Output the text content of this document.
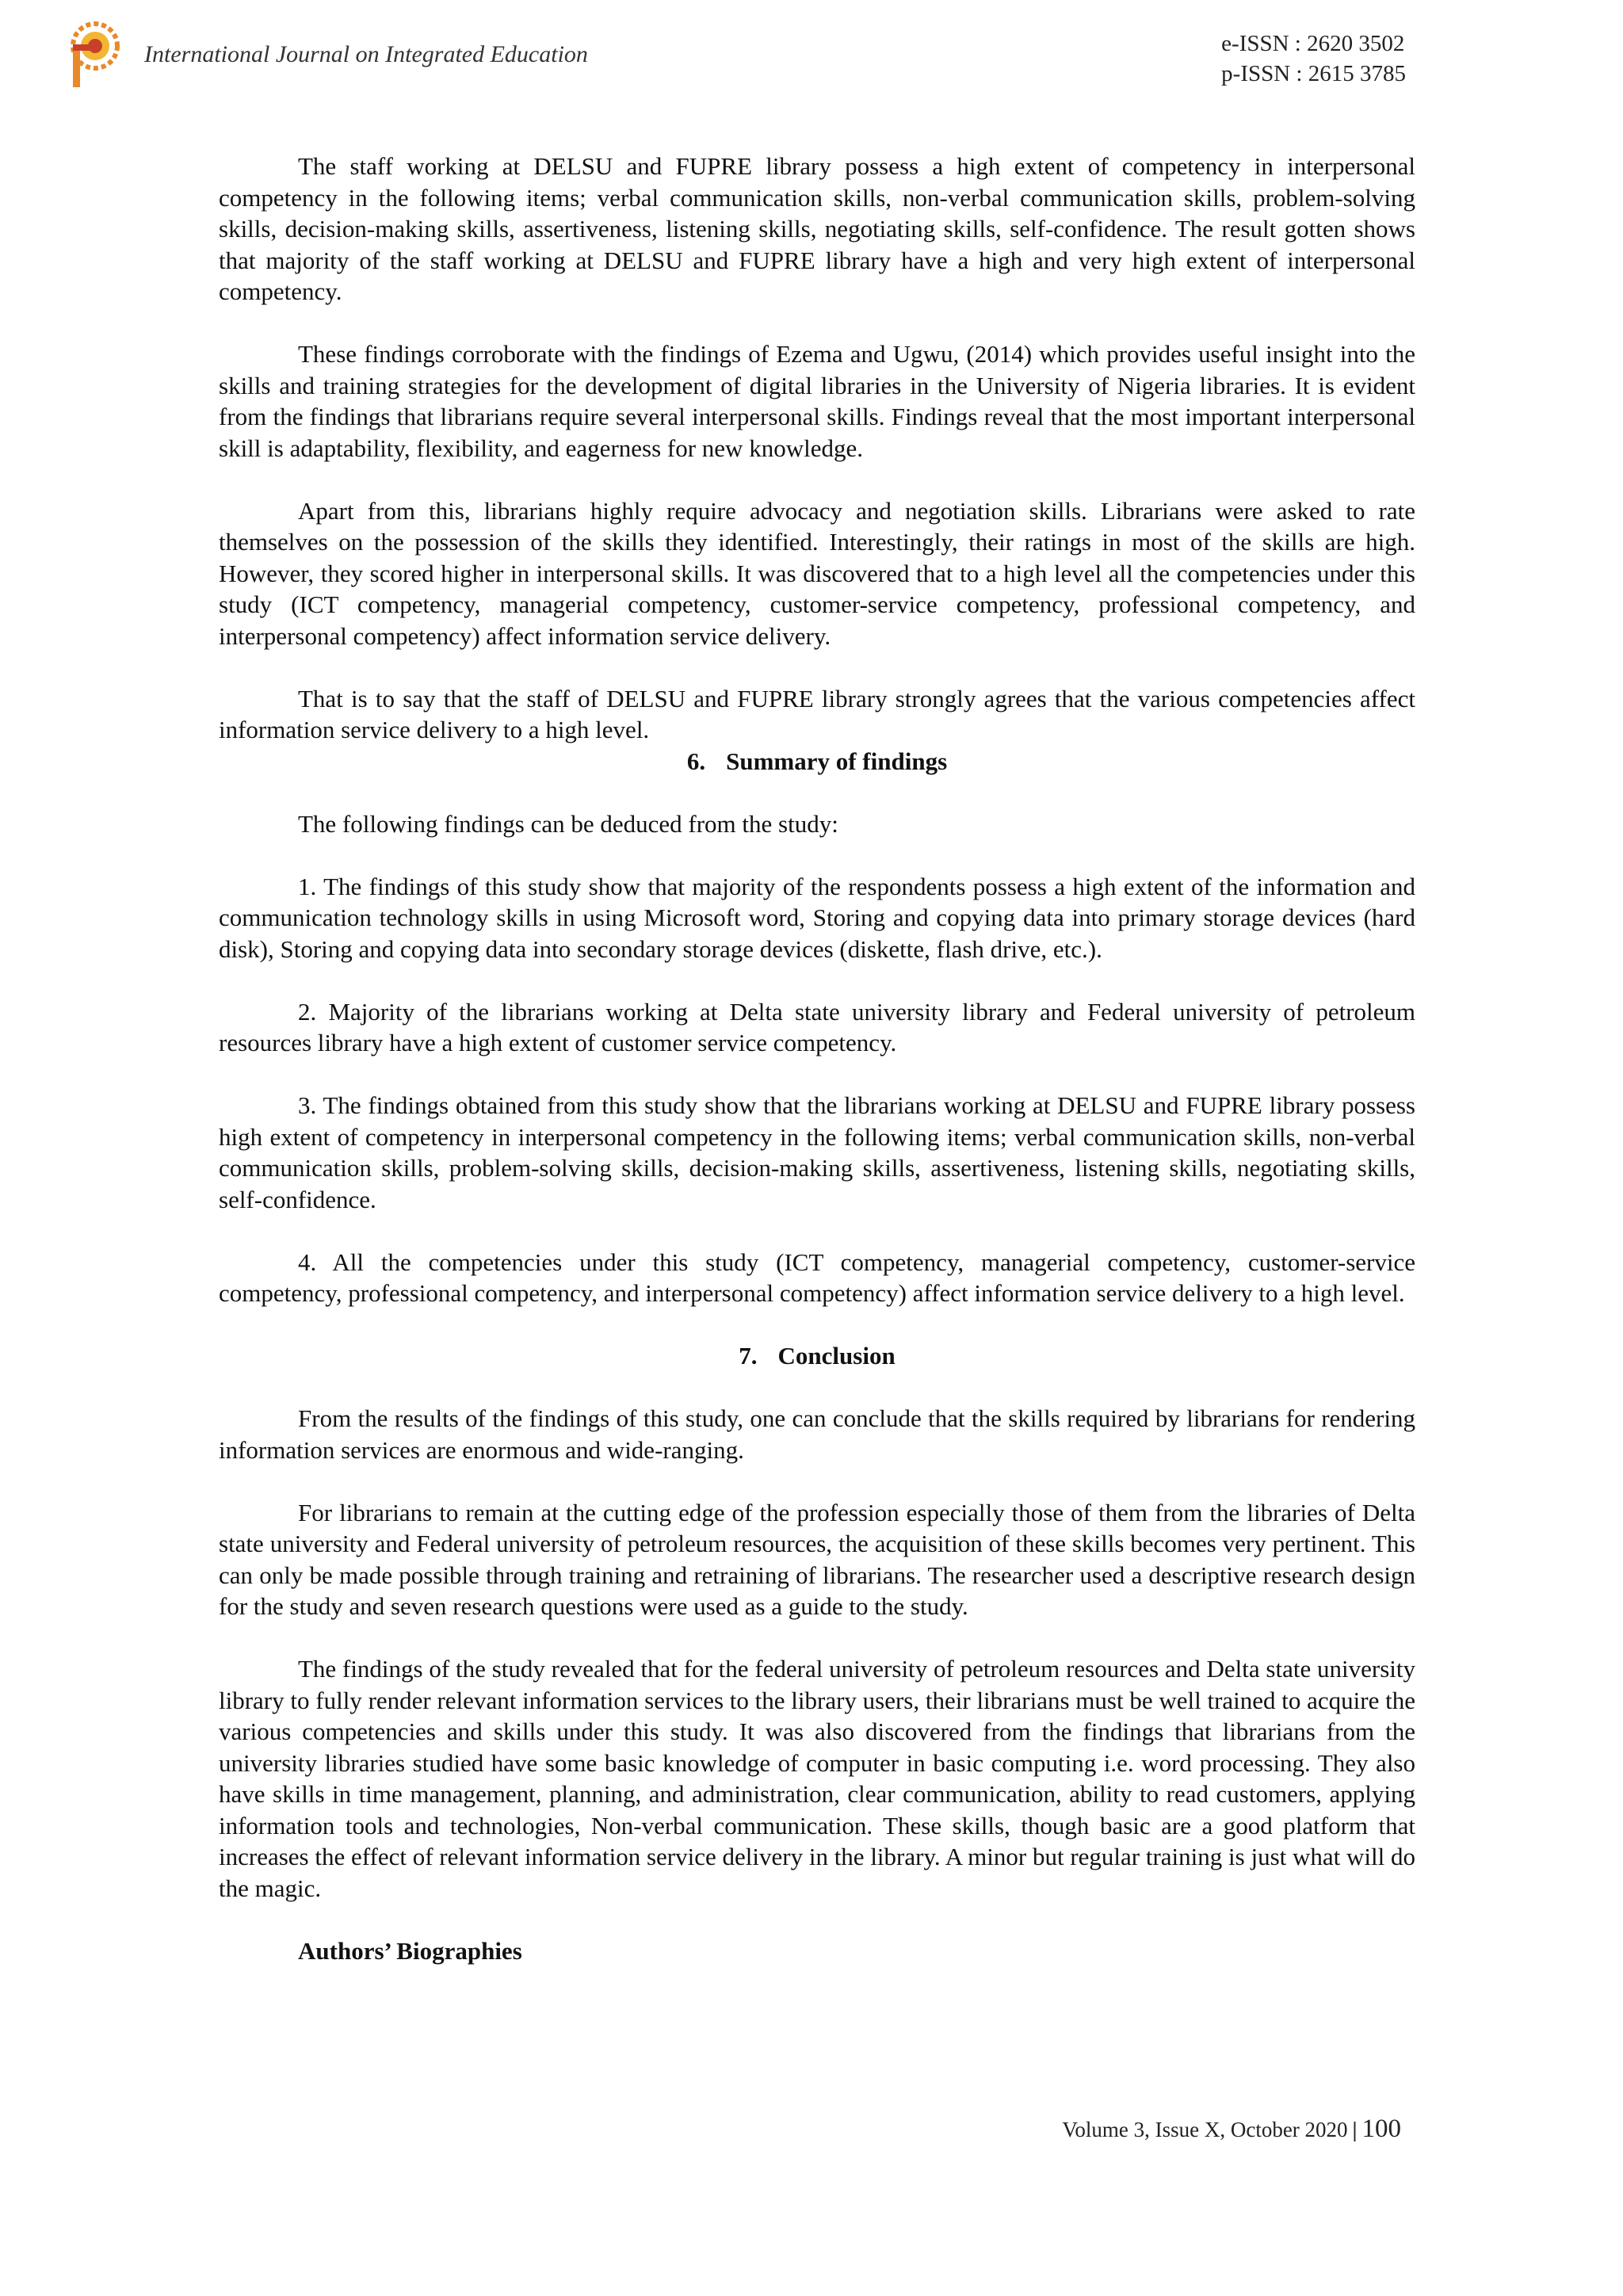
International Journal on Integrated Education	e-ISSN : 2620 3502
p-ISSN : 2615 3785

The staff working at DELSU and FUPRE library possess a high extent of competency in interpersonal competency in the following items; verbal communication skills, non-verbal communication skills, problem-solving skills, decision-making skills, assertiveness, listening skills, negotiating skills, self-confidence. The result gotten shows that majority of the staff working at DELSU and FUPRE library have a high and very high extent of interpersonal competency.

These findings corroborate with the findings of Ezema and Ugwu, (2014) which provides useful insight into the skills and training strategies for the development of digital libraries in the University of Nigeria libraries. It is evident from the findings that librarians require several interpersonal skills. Findings reveal that the most important interpersonal skill is adaptability, flexibility, and eagerness for new knowledge.

Apart from this, librarians highly require advocacy and negotiation skills. Librarians were asked to rate themselves on the possession of the skills they identified. Interestingly, their ratings in most of the skills are high. However, they scored higher in interpersonal skills. It was discovered that to a high level all the competencies under this study (ICT competency, managerial competency, customer-service competency, professional competency, and interpersonal competency) affect information service delivery.

That is to say that the staff of DELSU and FUPRE library strongly agrees that the various competencies affect information service delivery to a high level.

6. Summary of findings

The following findings can be deduced from the study:

1. The findings of this study show that majority of the respondents possess a high extent of the information and communication technology skills in using Microsoft word, Storing and copying data into primary storage devices (hard disk), Storing and copying data into secondary storage devices (diskette, flash drive, etc.).

2. Majority of the librarians working at Delta state university library and Federal university of petroleum resources library have a high extent of customer service competency.

3. The findings obtained from this study show that the librarians working at DELSU and FUPRE library possess high extent of competency in interpersonal competency in the following items; verbal communication skills, non-verbal communication skills, problem-solving skills, decision-making skills, assertiveness, listening skills, negotiating skills, self-confidence.

4. All the competencies under this study (ICT competency, managerial competency, customer-service competency, professional competency, and interpersonal competency) affect information service delivery to a high level.

7. Conclusion

From the results of the findings of this study, one can conclude that the skills required by librarians for rendering information services are enormous and wide-ranging.

For librarians to remain at the cutting edge of the profession especially those of them from the libraries of Delta state university and Federal university of petroleum resources, the acquisition of these skills becomes very pertinent. This can only be made possible through training and retraining of librarians. The researcher used a descriptive research design for the study and seven research questions were used as a guide to the study.

The findings of the study revealed that for the federal university of petroleum resources and Delta state university library to fully render relevant information services to the library users, their librarians must be well trained to acquire the various competencies and skills under this study. It was also discovered from the findings that librarians from the university libraries studied have some basic knowledge of computer in basic computing i.e. word processing. They also have skills in time management, planning, and administration, clear communication, ability to read customers, applying information tools and technologies, Non-verbal communication. These skills, though basic are a good platform that increases the effect of relevant information service delivery in the library. A minor but regular training is just what will do the magic.

Authors’ Biographies

Volume 3, Issue X, October 2020 | 100
